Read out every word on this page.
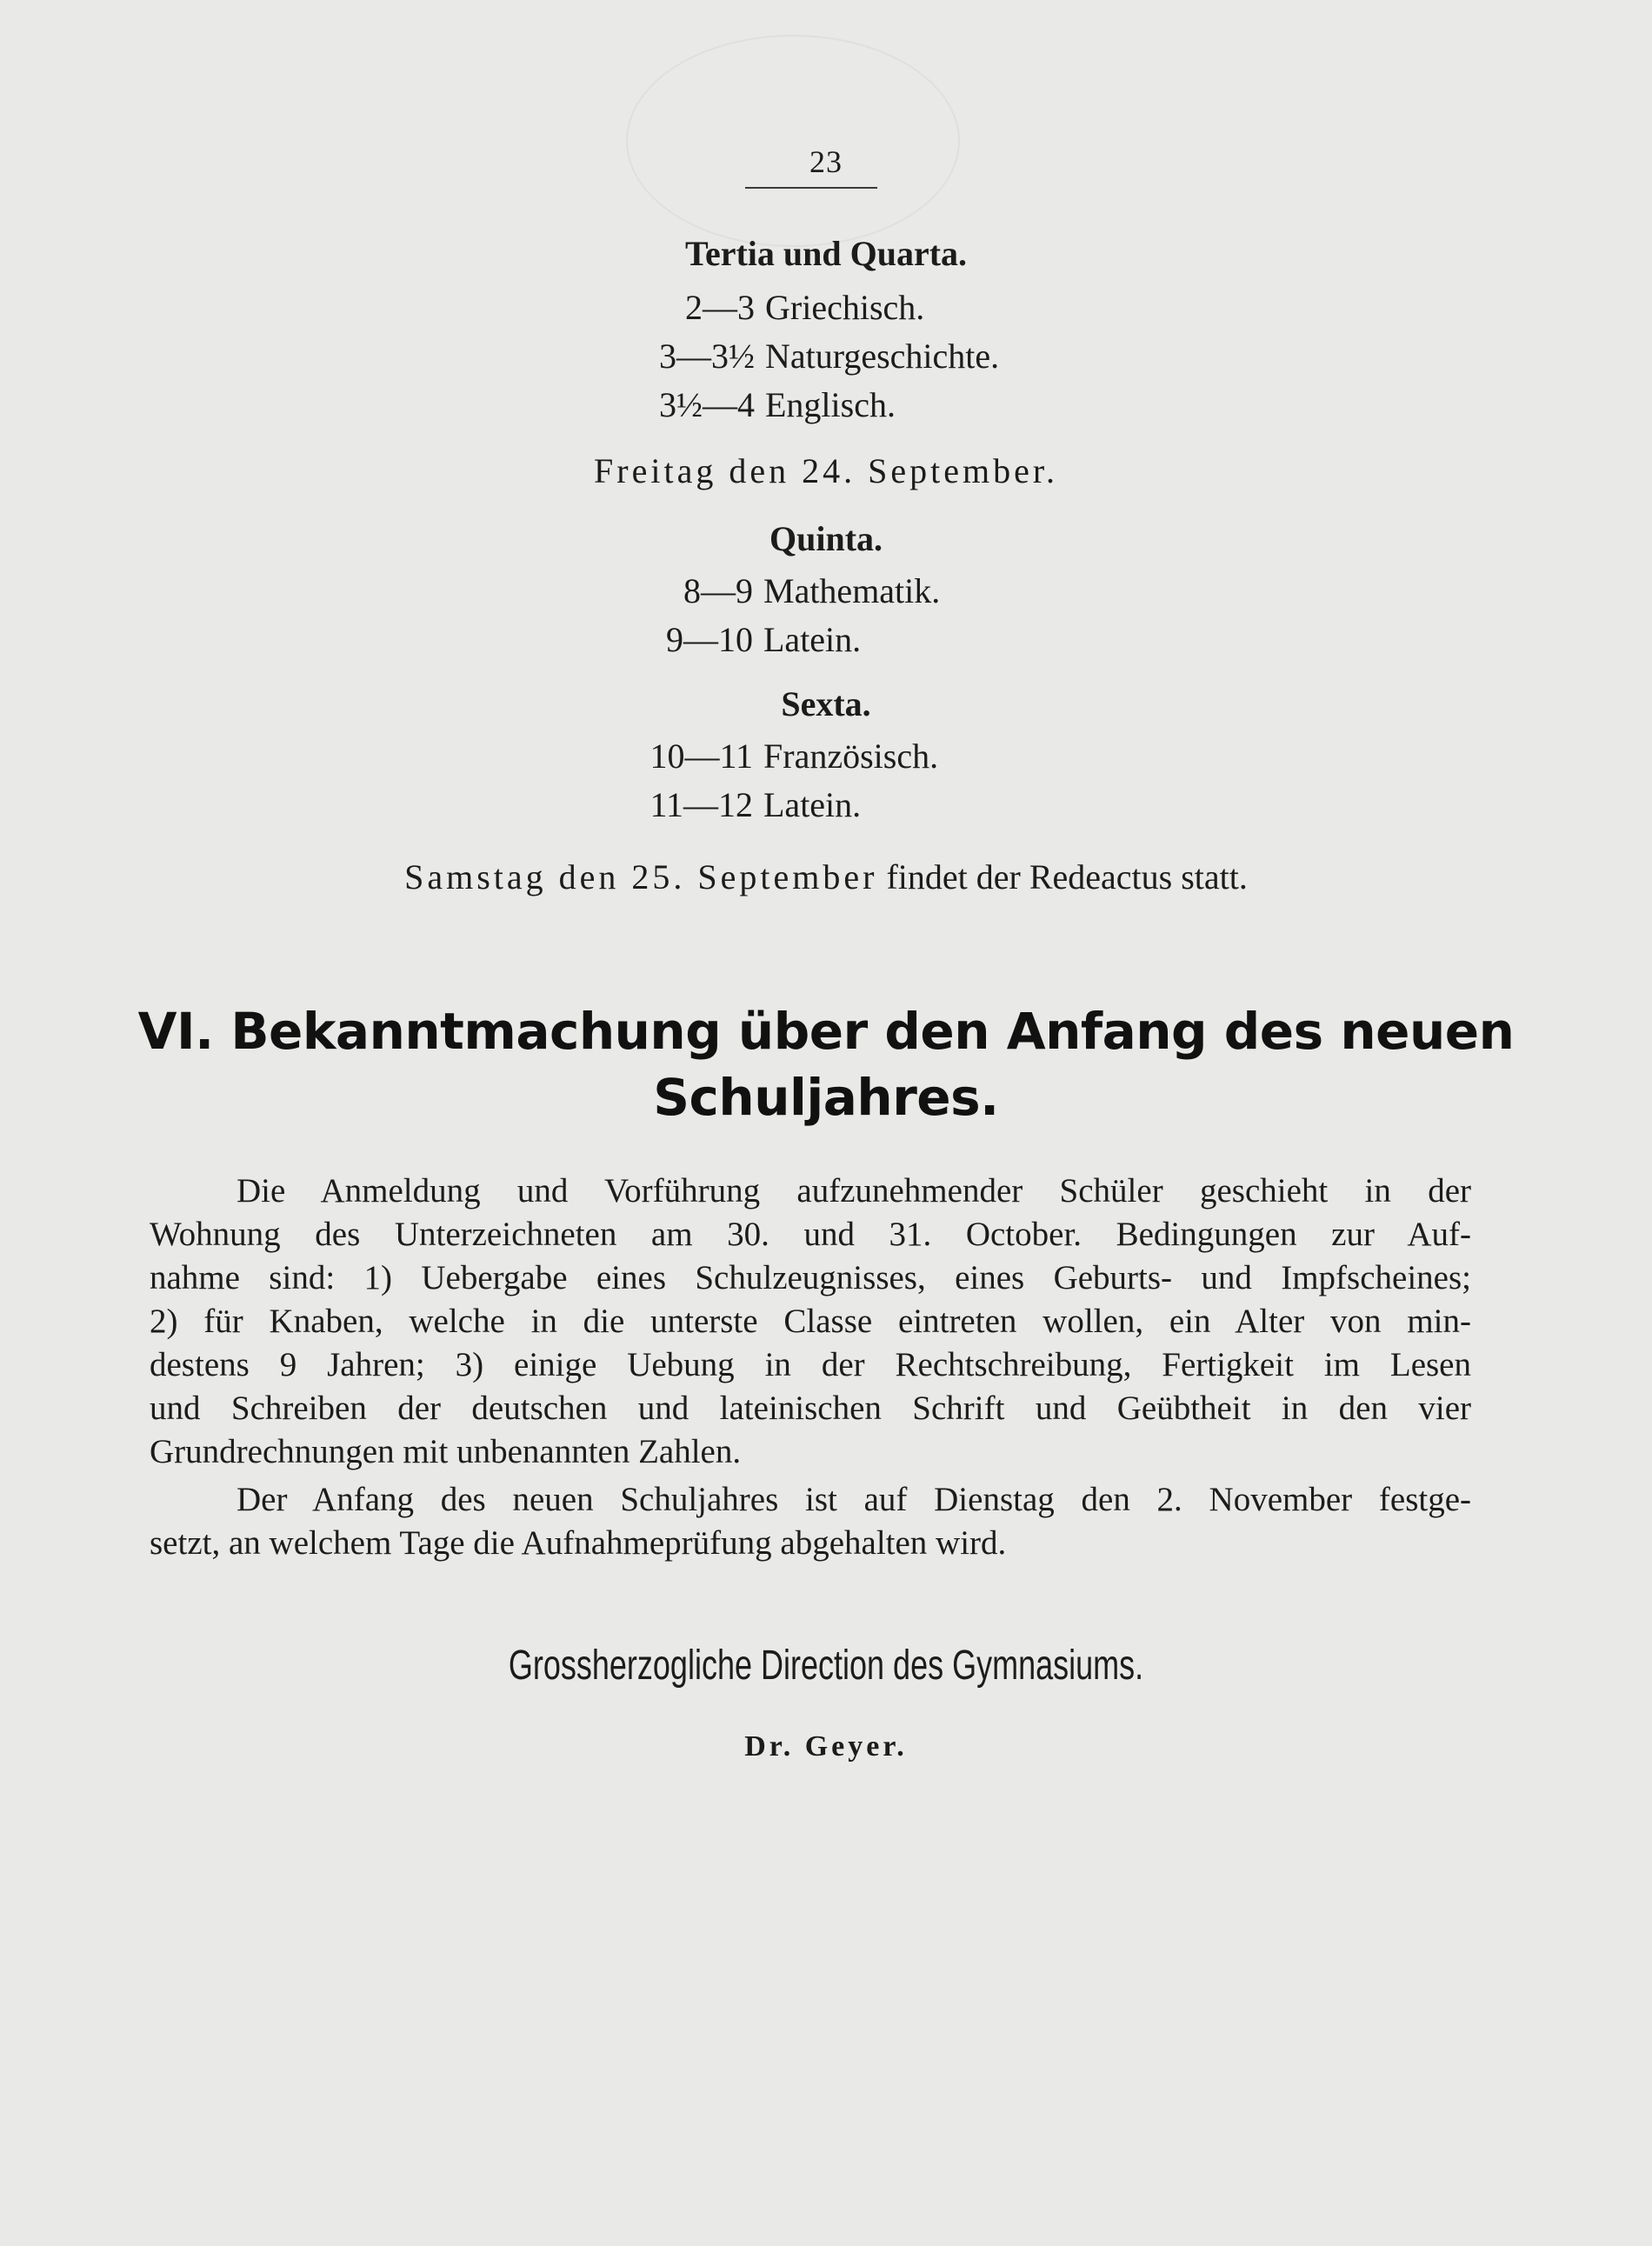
23

Tertia und Quarta.

2—3 Griechisch.
3—3½ Naturgeschichte.
3½—4 Englisch.

Freitag den 24. September.

Quinta.

8—9 Mathematik.
9—10 Latein.

Sexta.

10—11 Französisch.
11—12 Latein.

Samstag den 25. September findet der Redeactus statt.

VI. Bekanntmachung über den Anfang des neuen

Schuljahres.

Die Anmeldung und Vorführung aufzunehmender Schüler geschieht in der
Wohnung des Unterzeichneten am 30. und 31. October. Bedingungen zur Auf-
nahme sind: 1) Uebergabe eines Schulzeugnisses, eines Geburts- und Impfscheines;
2) für Knaben, welche in die unterste Classe eintreten wollen, ein Alter von min-
destens 9 Jahren; 3) einige Uebung in der Rechtschreibung, Fertigkeit im Lesen
und Schreiben der deutschen und lateinischen Schrift und Geübtheit in den vier
Grundrechnungen mit unbenannten Zahlen.
Der Anfang des neuen Schuljahres ist auf Dienstag den 2. November festge-
setzt, an welchem Tage die Aufnahmeprüfung abgehalten wird.

Grossherzogliche Direction des Gymnasiums.

Dr. Geyer.
